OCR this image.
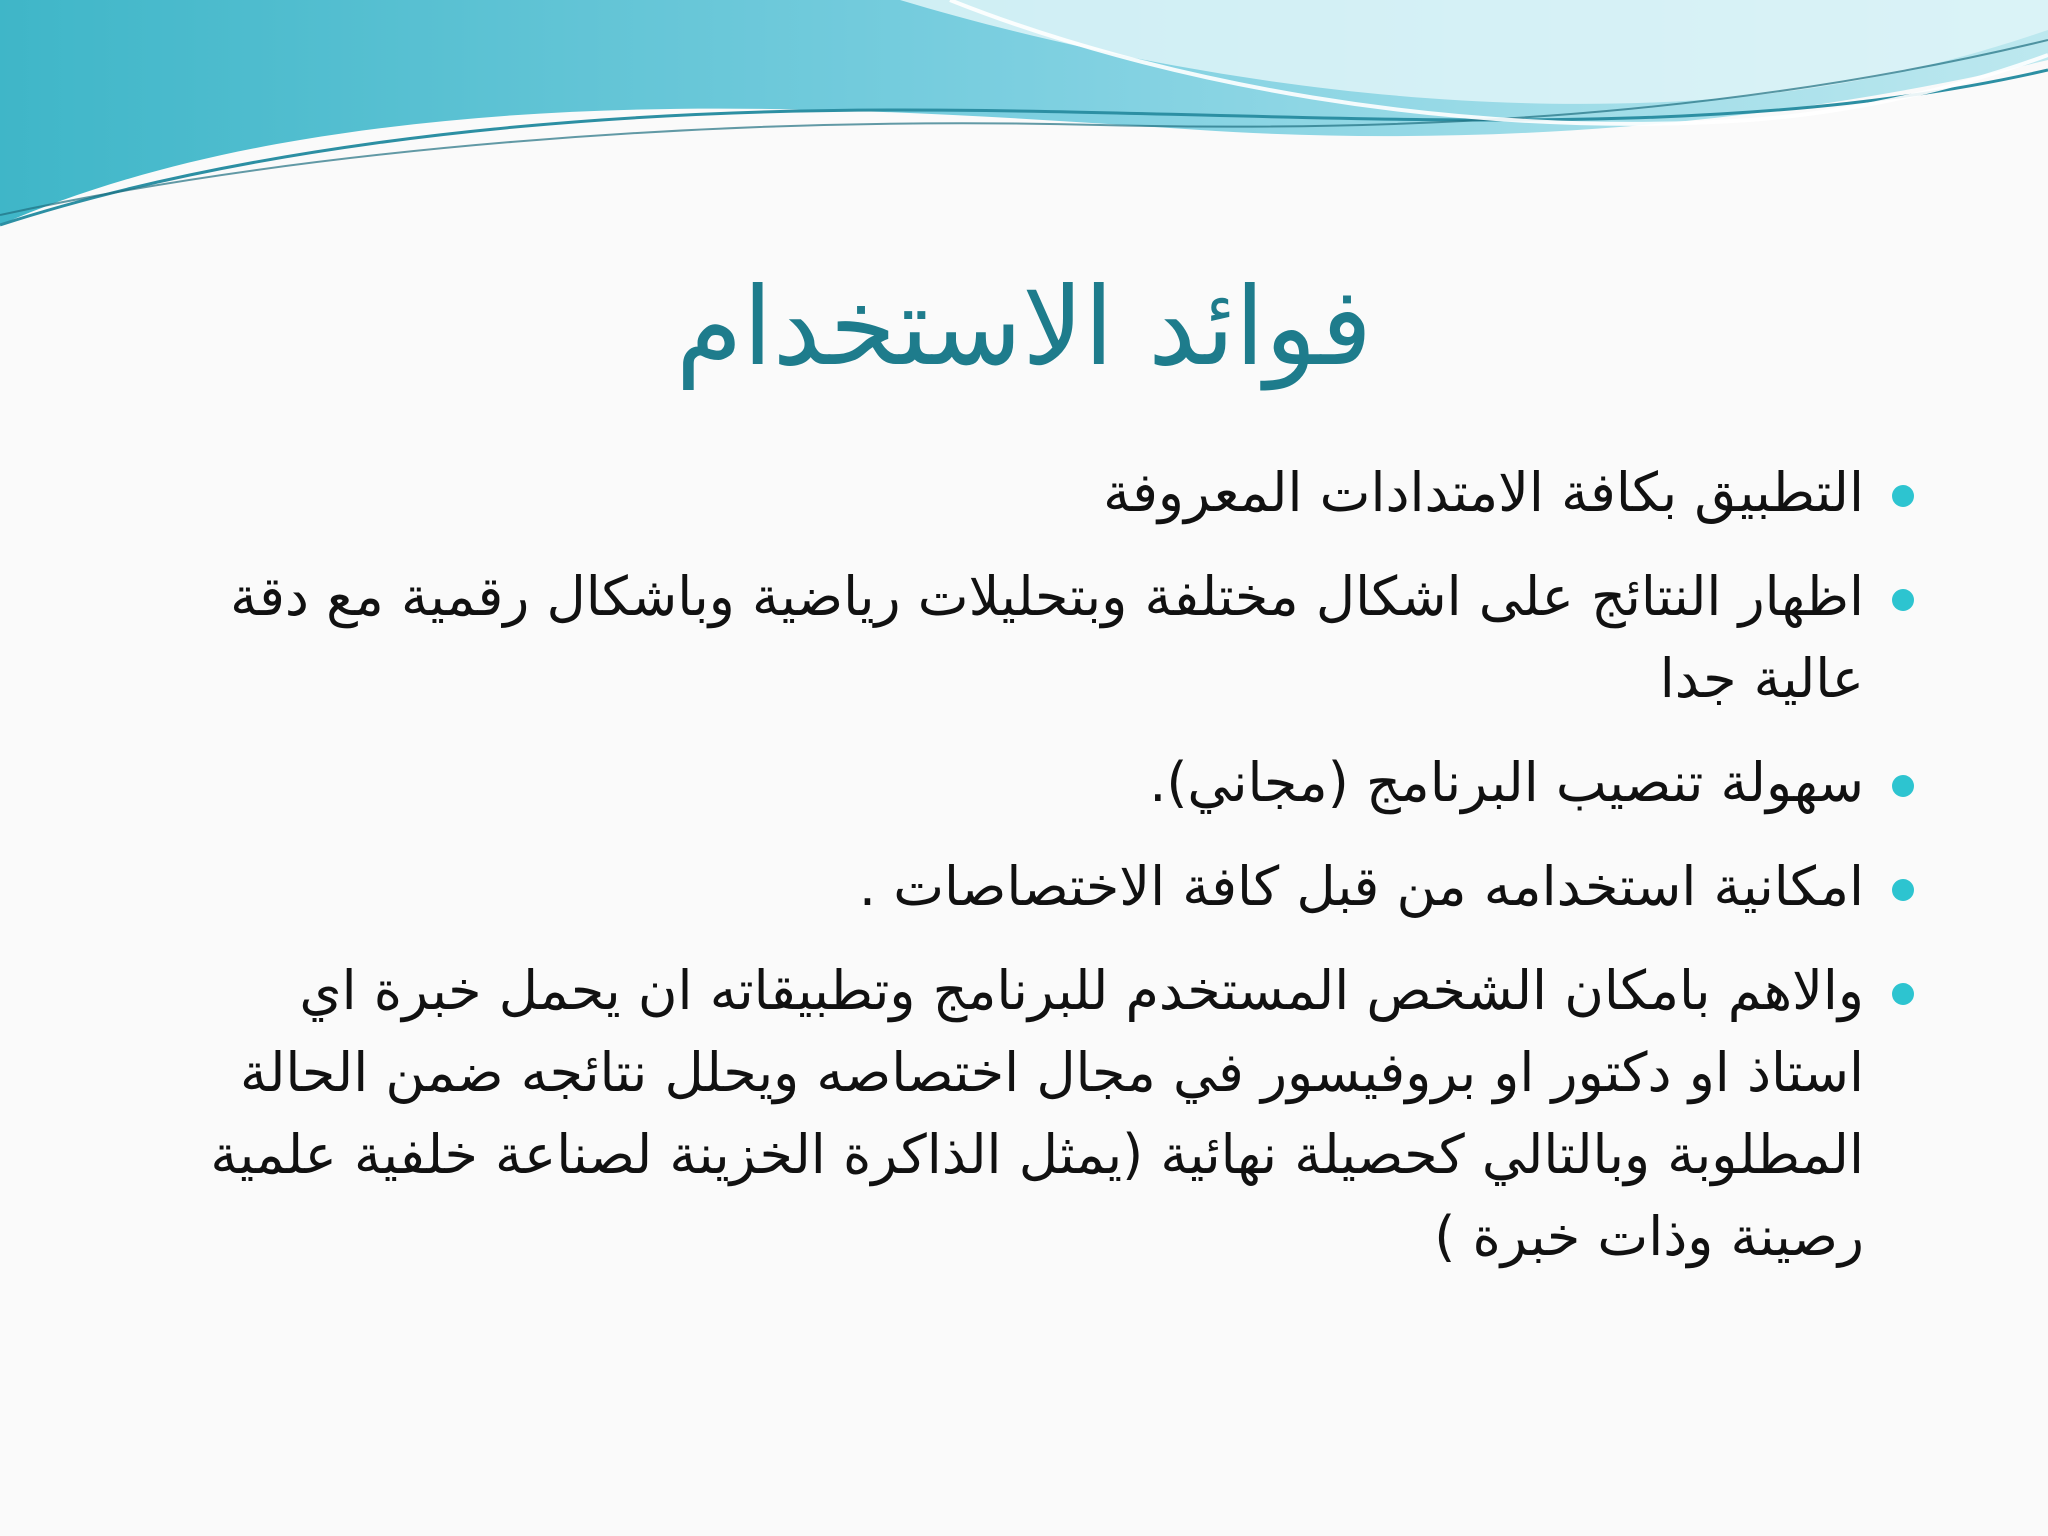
فوائد الاستخدام
التطبيق بكافة الامتدادات المعروفة
اظهار النتائج على اشكال مختلفة وبتحليلات رياضية وباشكال رقمية مع دقة عالية جدا
سهولة تنصيب البرنامج (مجاني).
امكانية استخدامه من قبل كافة الاختصاصات .
والاهم بامكان الشخص المستخدم للبرنامج وتطبيقاته ان يحمل خبرة اي استاذ او دكتور او بروفيسور في مجال اختصاصه ويحلل نتائجه ضمن الحالة المطلوبة وبالتالي كحصيلة نهائية (يمثل الذاكرة الخزينة لصناعة خلفية علمية رصينة وذات خبرة )
